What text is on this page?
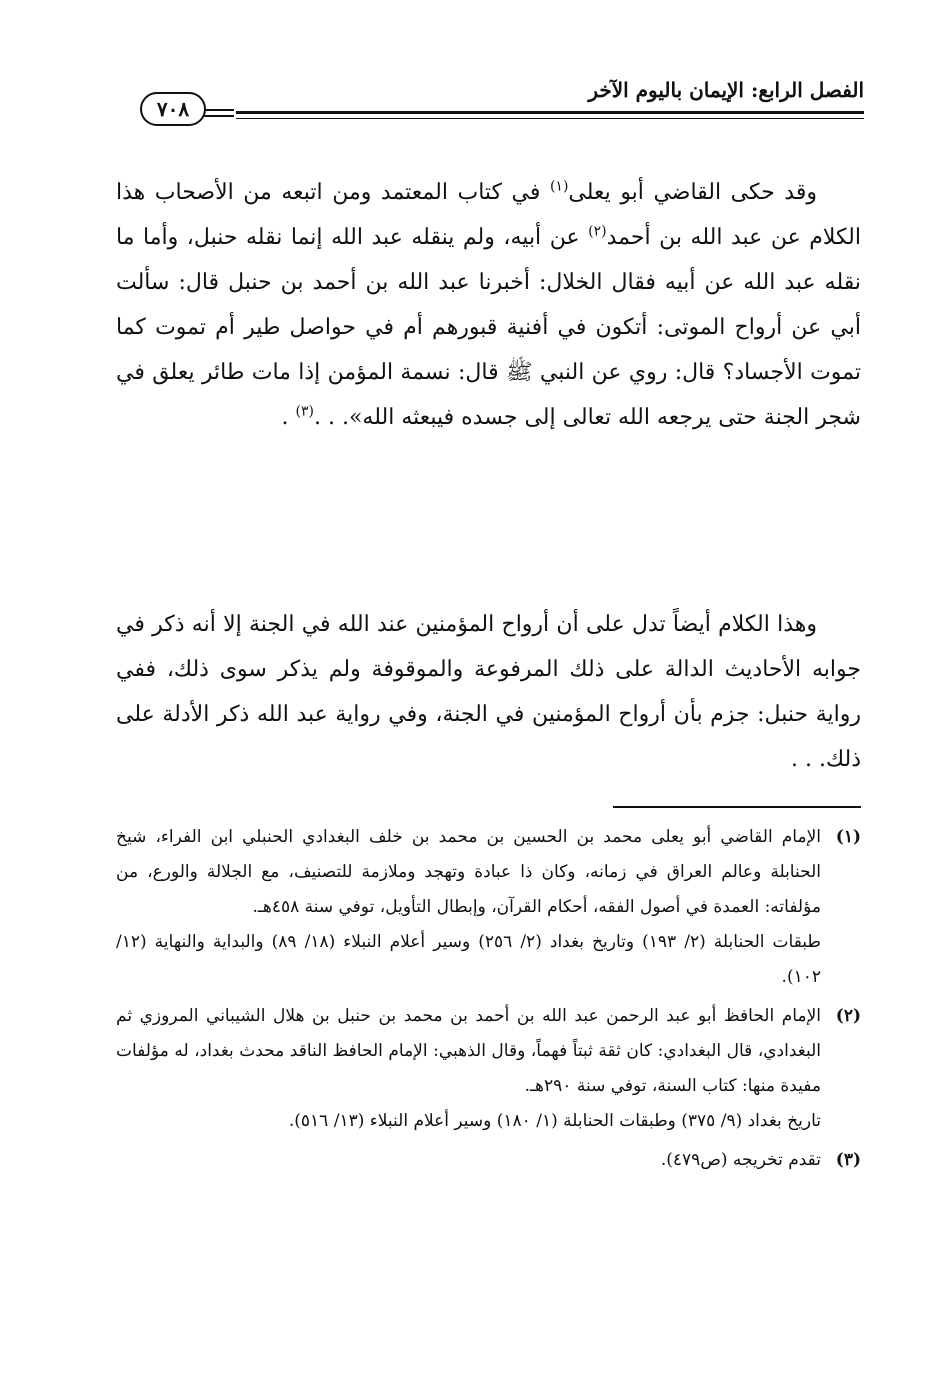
الفصل الرابع: الإيمان باليوم الآخر
٧٠٨
وقد حكى القاضي أبو يعلى$^{(١)}$ في كتاب المعتمد ومن اتبعه من الأصحاب هذا الكلام عن عبد الله بن أحمد$^{(٢)}$ عن أبيه، ولم ينقله عبد الله إنما نقله حنبل، وأما ما نقله عبد الله عن أبيه فقال الخلال: أخبرنا عبد الله بن أحمد بن حنبل قال: سألت أبي عن أرواح الموتى: أتكون في أفنية قبورهم أم في حواصل طير أم تموت كما تموت الأجساد؟ قال: روي عن النبي ﷺ قال: نسمة المؤمن إذا مات طائر يعلق في شجر الجنة حتى يرجعه الله تعالى إلى جسده فيبعثه الله». . .$^{(٣)}$ .
وهذا الكلام أيضاً تدل على أن أرواح المؤمنين عند الله في الجنة إلا أنه ذكر في جوابه الأحاديث الدالة على ذلك المرفوعة والموقوفة ولم يذكر سوى ذلك، ففي رواية حنبل: جزم بأن أرواح المؤمنين في الجنة، وفي رواية عبد الله ذكر الأدلة على ذلك. . .
(١)
الإمام القاضي أبو يعلى محمد بن الحسين بن محمد بن خلف البغدادي الحنبلي ابن الفراء، شيخ الحنابلة وعالم العراق في زمانه، وكان ذا عبادة وتهجد وملازمة للتصنيف، مع الجلالة والورع، من مؤلفاته: العمدة في أصول الفقه، أحكام القرآن، وإبطال التأويل، توفي سنة ٤٥٨هـ.
طبقات الحنابلة (٢/ ١٩٣) وتاريخ بغداد (٢/ ٢٥٦) وسير أعلام النبلاء (١٨/ ٨٩) والبداية والنهاية (١٢/ ١٠٢).
(٢)
الإمام الحافظ أبو عبد الرحمن عبد الله بن أحمد بن محمد بن حنبل بن هلال الشيباني المروزي ثم البغدادي، قال البغدادي: كان ثقة ثبتاً فهماً، وقال الذهبي: الإمام الحافظ الناقد محدث بغداد، له مؤلفات مفيدة منها: كتاب السنة، توفي سنة ٢٩٠هـ.
تاريخ بغداد (٩/ ٣٧٥) وطبقات الحنابلة (١/ ١٨٠) وسير أعلام النبلاء (١٣/ ٥١٦).
(٣)
تقدم تخريجه (ص٤٧٩).
